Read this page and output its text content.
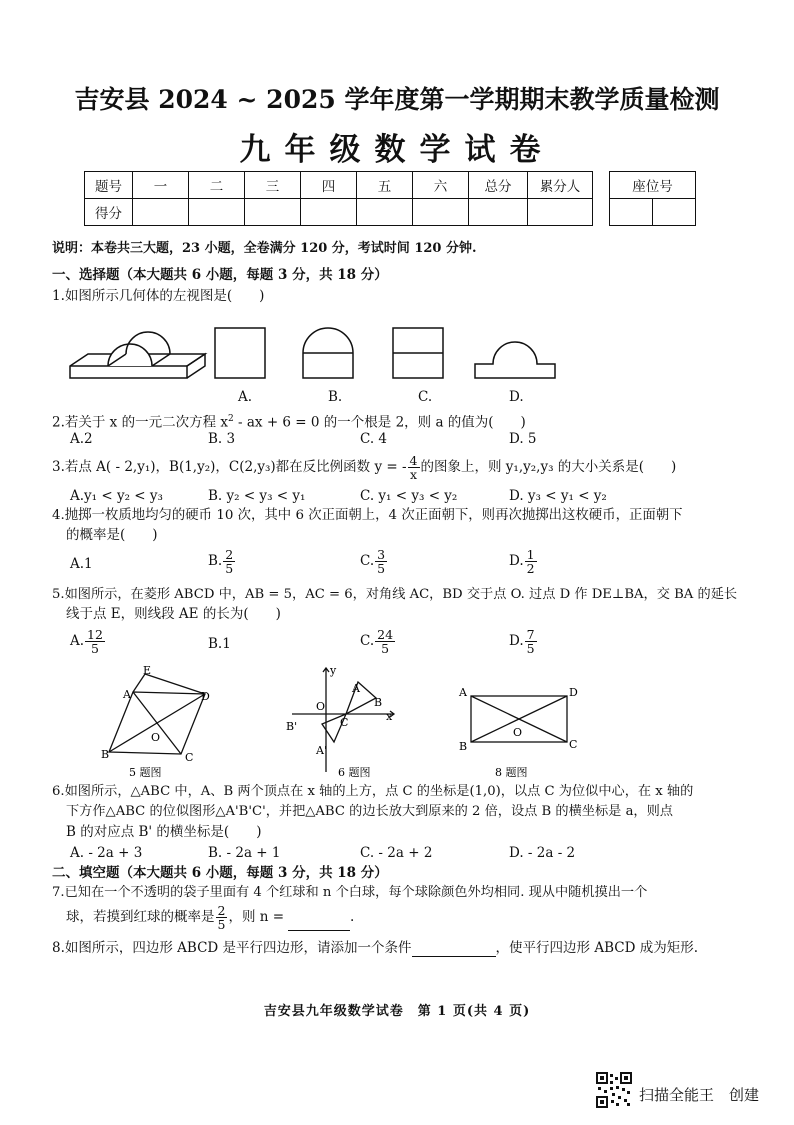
吉安县 2024 ~ 2025 学年度第一学期期末教学质量检测
九年级数学试卷
题号	一	二	三	四	五	六	总分	累分人
得分								
座位号

说明：本卷共三大题，23 小题，全卷满分 120 分，考试时间 120 分钟.
一、选择题（本大题共 6 小题，每题 3 分，共 18 分）
1.如图所示几何体的左视图是(　　)
A.	B.	C.	D.
2.若关于 x 的一元二次方程 $x^2$ - ax + 6 = 0 的一个根是 2，则 a 的值为(　　)
A.2	B. 3	C. 4	D. 5
3.若点 A( - 2,y₁)，B(1,y₂)，C(2,y₃)都在反比例函数 y = - $\frac{4}{x}$ 的图象上，则 y₁,y₂,y₃ 的大小关系是(　　)
A.y₁ < y₂ < y₃	B. y₂ < y₃ < y₁	C. y₁ < y₃ < y₂	D. y₃ < y₁ < y₂
4.抛掷一枚质地均匀的硬币 10 次，其中 6 次正面朝上，4 次正面朝下，则再次抛掷出这枚硬币，正面朝下
的概率是(　　)
A.1	B. $\frac{2}{5}$	C. $\frac{3}{5}$	D. $\frac{1}{2}$
5.如图所示，在菱形 ABCD 中，AB = 5，AC = 6，对角线 AC，BD 交于点 O. 过点 D 作 DE⊥BA，交 BA 的延长
线于点 E，则线段 AE 的长为(　　)
A. $\frac{12}{5}$	B.1	C. $\frac{24}{5}$	D. $\frac{7}{5}$
E
A	D
O
B	C
5 题图
y
O
A
B
C	x
B'
A'
6 题图
A	D
O
B	C
8 题图
6.如图所示，△ABC 中，A、B 两个顶点在 x 轴的上方，点 C 的坐标是(1,0)，以点 C 为位似中心，在 x 轴的
下方作△ABC 的位似图形△A'B'C'，并把△ABC 的边长放大到原来的 2 倍，设点 B 的横坐标是 a，则点
B 的对应点 B' 的横坐标是(　　)
A. - 2a + 3	B. - 2a + 1	C. - 2a + 2	D. - 2a - 2
二、填空题（本大题共 6 小题，每题 3 分，共 18 分）
7.已知在一个不透明的袋子里面有 4 个红球和 n 个白球，每个球除颜色外均相同. 现从中随机摸出一个
球，若摸到红球的概率是 $\frac{2}{5}$ ，则 n =	.
8.如图所示，四边形 ABCD 是平行四边形，请添加一个条件	，使平行四边形 ABCD 成为矩形.
吉安县九年级数学试卷　第 1 页(共 4 页)
扫描全能王　创建
